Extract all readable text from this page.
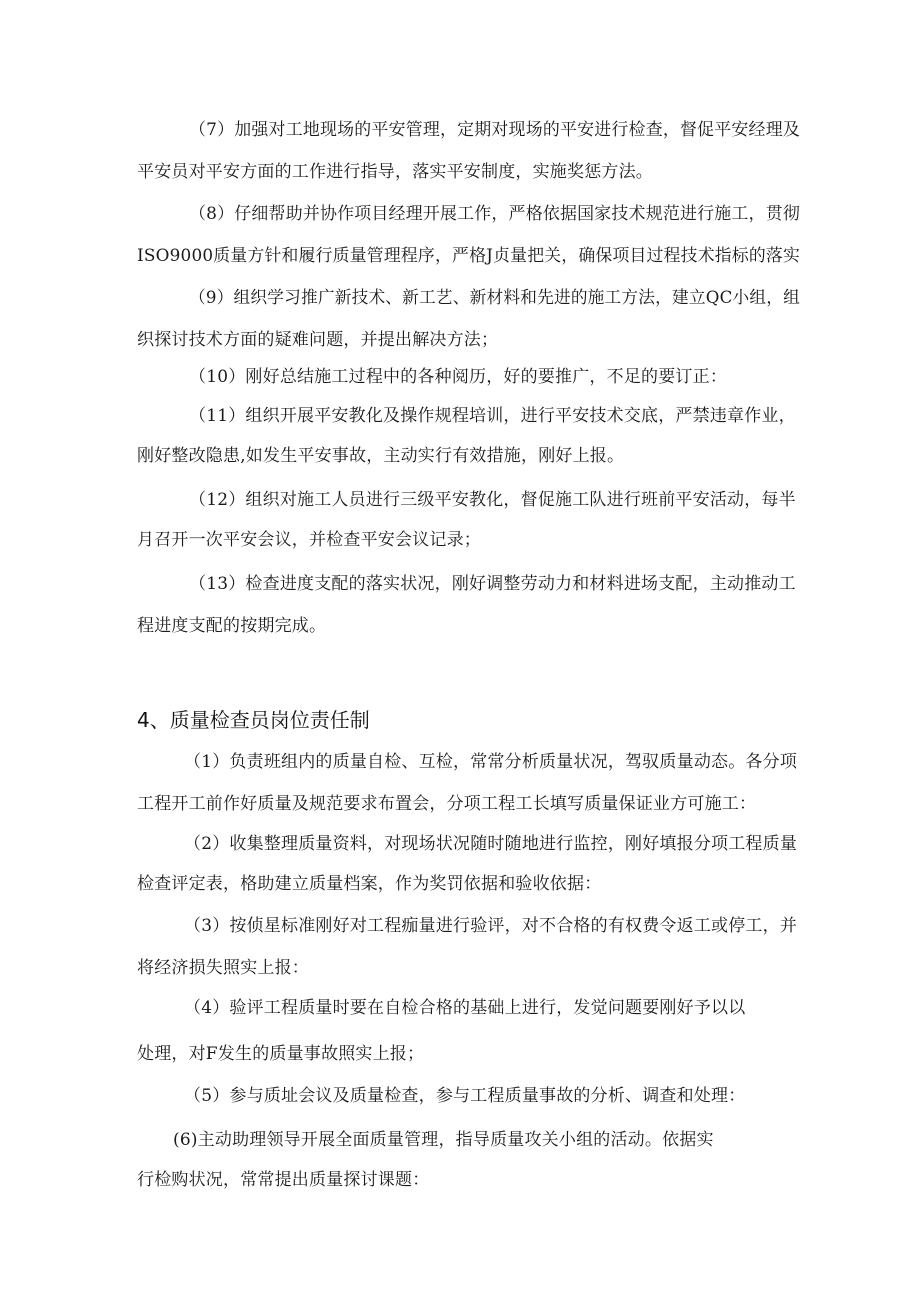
（7）加强对工地现场的平安管理，定期对现场的平安进行检查，督促平安经理及
平安员对平安方面的工作进行指导，落实平安制度，实施奖惩方法。
（8）仔细帮助并协作项目经理开展工作，严格依据国家技术规范进行施工，贯彻
ISO9000质量方针和履行质量管理程序，严格J贞量把关，确保项目过程技术指标的落实
（9）组织学习推广新技术、新工艺、新材料和先进的施工方法，建立QC小组，组
织探讨技术方面的疑难问题，并提出解决方法；
（10）刚好总结施工过程中的各种阅历，好的要推广，不足的要订正：
（11）组织开展平安教化及操作规程培训，进行平安技术交底，严禁违章作业，
刚好整改隐患,如发生平安事故，主动实行有效措施，刚好上报。
（12）组织对施工人员进行三级平安教化，督促施工队进行班前平安活动，每半
月召开一次平安会议，并检查平安会议记录；
（13）检查进度支配的落实状况，刚好调整劳动力和材料进场支配，主动推动工
程进度支配的按期完成。
4、质量检查员岗位责任制
（1）负责班组内的质量自检、互检，常常分析质量状况，驾驭质量动态。各分项
工程开工前作好质量及规范要求布置会，分项工程工长填写质量保证业方可施工：
（2）收集整理质量资料，对现场状况随时随地进行监控，刚好填报分项工程质量
检查评定表，格助建立质量档案，作为奖罚依据和验收依据：
（3）按侦星标准刚好对工程痂量进行验评，对不合格的有权费令返工或停工，并
将经济损失照实上报：
（4）验评工程质量时要在自检合格的基础上进行，发觉问题要刚好予以以
处理，对F发生的质量事故照实上报；
（5）参与质址会议及质量检查，参与工程质量事故的分析、调查和处理：
(6)主动助理领导开展全面质量管理，指导质量攻关小组的活动。依据实
行检购状况，常常提出质量探讨课题：
